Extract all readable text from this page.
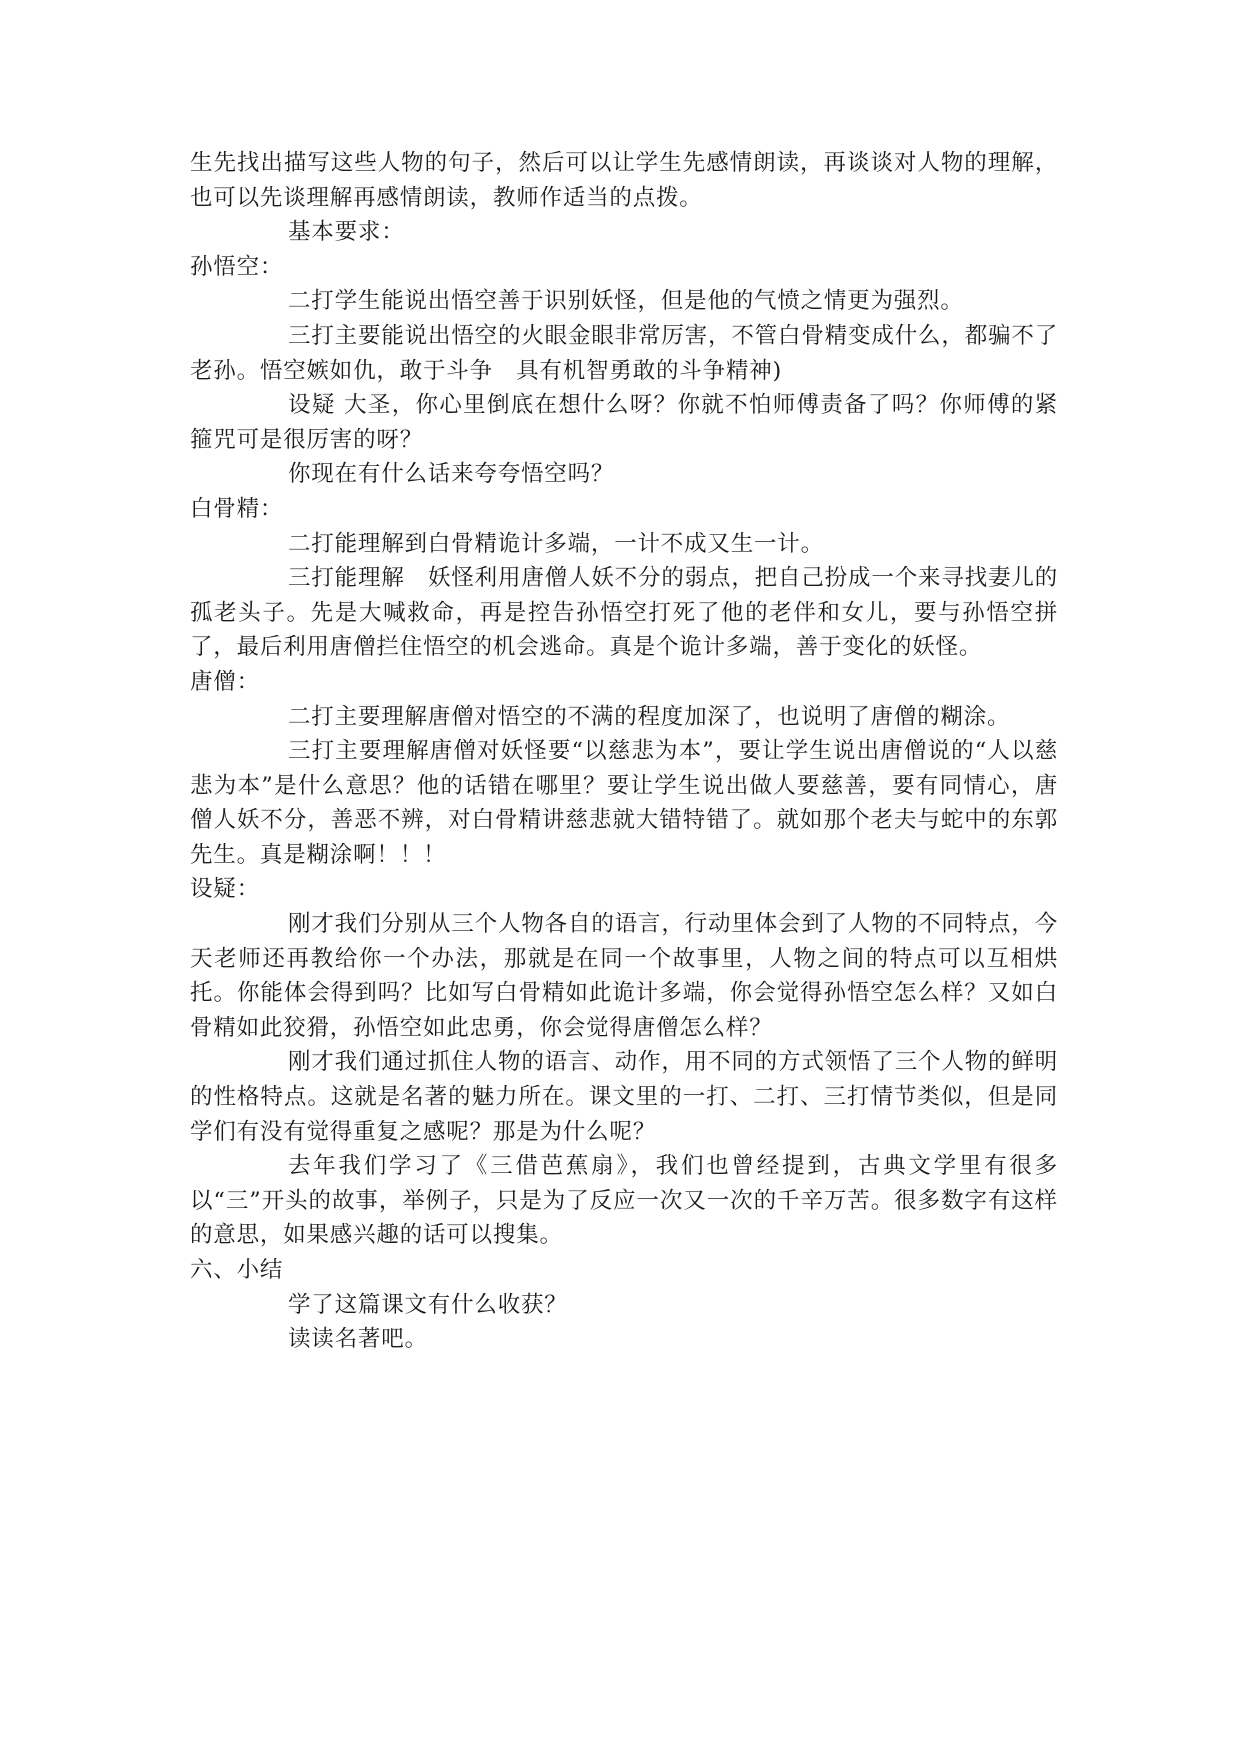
生先找出描写这些人物的句子，然后可以让学生先感情朗读，再谈谈对人物的理解，也可以先谈理解再感情朗读，教师作适当的点拨。

基本要求：

孙悟空：

二打学生能说出悟空善于识别妖怪，但是他的气愤之情更为强烈。

三打主要能说出悟空的火眼金眼非常厉害，不管白骨精变成什么，都骗不了老孙。悟空嫉如仇，敢于斗争　具有机智勇敢的斗争精神)

设疑 大圣，你心里倒底在想什么呀？你就不怕师傅责备了吗？你师傅的紧箍咒可是很厉害的呀？

你现在有什么话来夸夸悟空吗？

白骨精：

二打能理解到白骨精诡计多端，一计不成又生一计。

三打能理解　妖怪利用唐僧人妖不分的弱点，把自己扮成一个来寻找妻儿的孤老头子。先是大喊救命，再是控告孙悟空打死了他的老伴和女儿，要与孙悟空拼了，最后利用唐僧拦住悟空的机会逃命。真是个诡计多端，善于变化的妖怪。

唐僧：

二打主要理解唐僧对悟空的不满的程度加深了，也说明了唐僧的糊涂。

三打主要理解唐僧对妖怪要“以慈悲为本”，要让学生说出唐僧说的“人以慈悲为本”是什么意思？他的话错在哪里？要让学生说出做人要慈善，要有同情心，唐僧人妖不分，善恶不辨，对白骨精讲慈悲就大错特错了。就如那个老夫与蛇中的东郭先生。真是糊涂啊！！！

设疑：

刚才我们分别从三个人物各自的语言，行动里体会到了人物的不同特点，今天老师还再教给你一个办法，那就是在同一个故事里，人物之间的特点可以互相烘托。你能体会得到吗？比如写白骨精如此诡计多端，你会觉得孙悟空怎么样？又如白骨精如此狡猾，孙悟空如此忠勇，你会觉得唐僧怎么样？

刚才我们通过抓住人物的语言、动作，用不同的方式领悟了三个人物的鲜明的性格特点。这就是名著的魅力所在。课文里的一打、二打、三打情节类似，但是同学们有没有觉得重复之感呢？那是为什么呢？

去年我们学习了《三借芭蕉扇》，我们也曾经提到，古典文学里有很多以“三”开头的故事，举例子，只是为了反应一次又一次的千辛万苦。很多数字有这样的意思，如果感兴趣的话可以搜集。

六、小结

学了这篇课文有什么收获？

读读名著吧。
